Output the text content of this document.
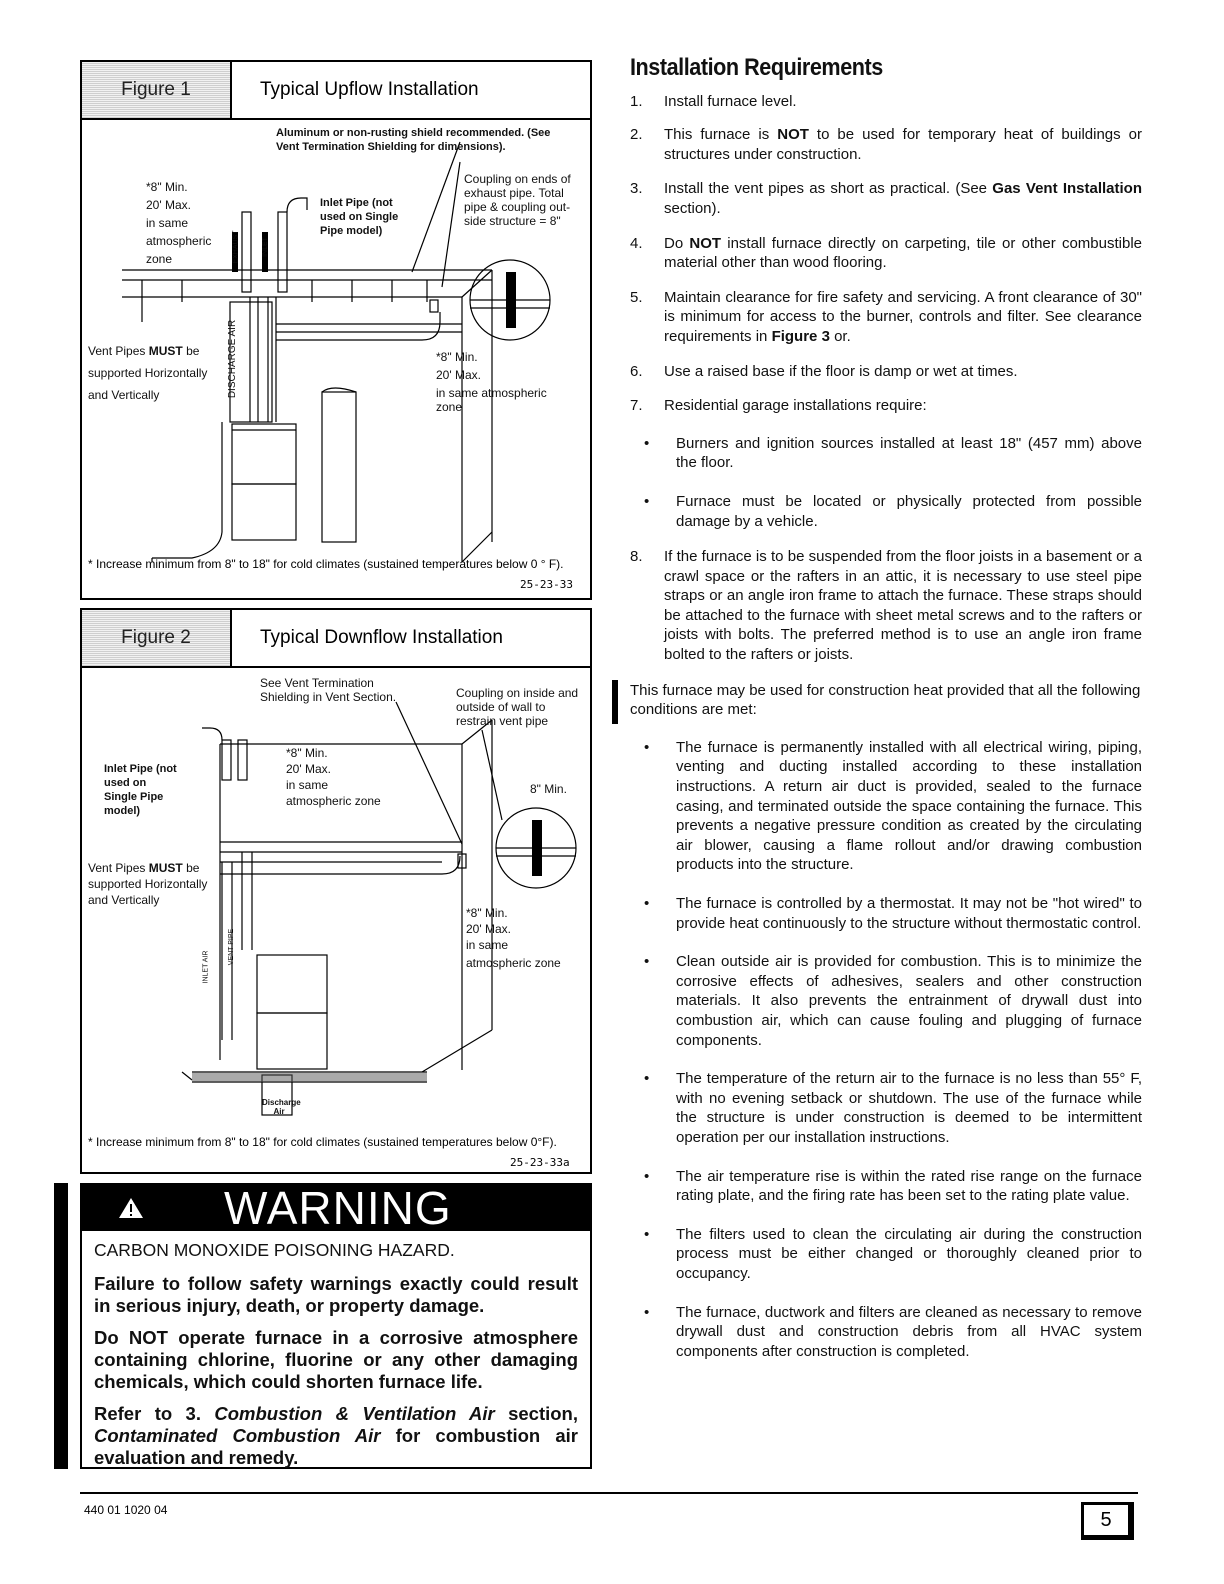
Figure 1	Typical Upflow Installation
Aluminum or non-rusting shield recommended. (See Vent Termination Shielding for dimensions).
*8" Min.
20' Max.
in same
atmospheric
zone
Inlet Pipe (not used on Single Pipe model)
Coupling on ends of exhaust pipe. Total pipe & coupling out-side structure = 8"
Vent Pipes MUST be supported Horizontally and Vertically	DISCHARGE AIR
EXHAUST	INLET
*8" Min.
20' Max.
in same atmospheric zone
* Increase minimum from 8" to 18" for cold climates (sustained temperatures below 0 ° F).
25-23-33
Figure 2	Typical Downflow Installation
See Vent Termination Shielding in Vent Section.	Coupling on inside and outside of wall to restrain vent pipe
Inlet Pipe (not used on Single Pipe model)
*8" Min.
20' Max.
in same
atmospheric zone
8" Min.
Vent Pipes MUST be supported Horizontally and Vertically
INLET AIR
VENT PIPE
*8" Min.
20' Max.
in same
atmospheric zone
Discharge Air
* Increase minimum from 8" to 18" for cold climates (sustained temperatures below 0°F).
25-23-33a
WARNING
CARBON MONOXIDE POISONING HAZARD.
Failure to follow safety warnings exactly could result in serious injury, death, or property damage.
Do NOT operate furnace in a corrosive atmosphere containing chlorine, fluorine or any other damaging chemicals, which could shorten furnace life.
Refer to 3. Combustion & Ventilation Air section, Contaminated Combustion Air for combustion air evaluation and remedy.
Installation Requirements
1. Install furnace level.
2. This furnace is NOT to be used for temporary heat of buildings or structures under construction.
3. Install the vent pipes as short as practical. (See Gas Vent Installation section).
4. Do NOT install furnace directly on carpeting, tile or other combustible material other than wood flooring.
5. Maintain clearance for fire safety and servicing. A front clearance of 30" is minimum for access to the burner, controls and filter. See clearance requirements in Figure 3 or.
6. Use a raised base if the floor is damp or wet at times.
7. Residential garage installations require:
• Burners and ignition sources installed at least 18" (457 mm) above the floor.
• Furnace must be located or physically protected from possible damage by a vehicle.
8. If the furnace is to be suspended from the floor joists in a basement or a crawl space or the rafters in an attic, it is necessary to use steel pipe straps or an angle iron frame to attach the furnace. These straps should be attached to the furnace with sheet metal screws and to the rafters or joists with bolts. The preferred method is to use an angle iron frame bolted to the rafters or joists.
This furnace may be used for construction heat provided that all the following conditions are met:
• The furnace is permanently installed with all electrical wiring, piping, venting and ducting installed according to these installation instructions. A return air duct is provided, sealed to the furnace casing, and terminated outside the space containing the furnace. This prevents a negative pressure condition as created by the circulating air blower, causing a flame rollout and/or drawing combustion products into the structure.
• The furnace is controlled by a thermostat. It may not be "hot wired" to provide heat continuously to the structure without thermostatic control.
• Clean outside air is provided for combustion. This is to minimize the corrosive effects of adhesives, sealers and other construction materials. It also prevents the entrainment of drywall dust into combustion air, which can cause fouling and plugging of furnace components.
• The temperature of the return air to the furnace is no less than 55° F, with no evening setback or shutdown. The use of the furnace while the structure is under construction is deemed to be intermittent operation per our installation instructions.
• The air temperature rise is within the rated rise range on the furnace rating plate, and the firing rate has been set to the rating plate value.
• The filters used to clean the circulating air during the construction process must be either changed or thoroughly cleaned prior to occupancy.
• The furnace, ductwork and filters are cleaned as necessary to remove drywall dust and construction debris from all HVAC system components after construction is completed.
440 01 1020 04	5
